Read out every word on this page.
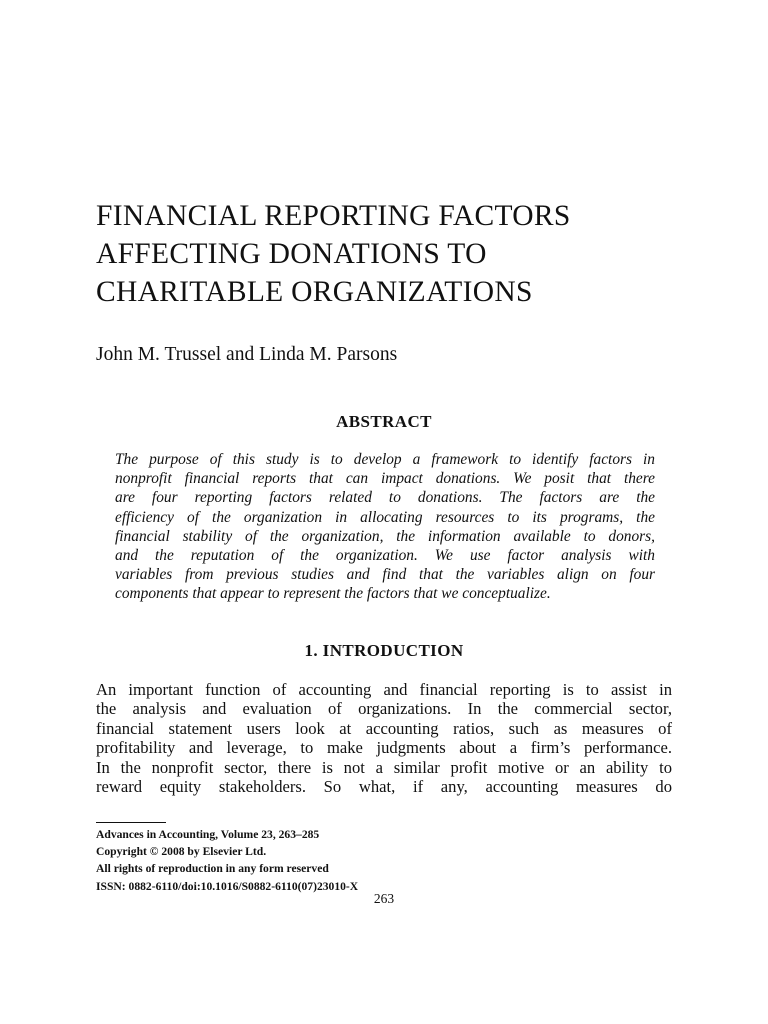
FINANCIAL REPORTING FACTORS
AFFECTING DONATIONS TO
CHARITABLE ORGANIZATIONS

John M. Trussel and Linda M. Parsons

ABSTRACT
The purpose of this study is to develop a framework to identify factors in
nonprofit financial reports that can impact donations. We posit that there
are four reporting factors related to donations. The factors are the
efficiency of the organization in allocating resources to its programs, the
financial stability of the organization, the information available to donors,
and the reputation of the organization. We use factor analysis with
variables from previous studies and find that the variables align on four
components that appear to represent the factors that we conceptualize.
1. INTRODUCTION
An important function of accounting and financial reporting is to assist in
the analysis and evaluation of organizations. In the commercial sector,
financial statement users look at accounting ratios, such as measures of
profitability and leverage, to make judgments about a firm’s performance.
In the nonprofit sector, there is not a similar profit motive or an ability to
reward equity stakeholders. So what, if any, accounting measures do
Advances in Accounting, Volume 23, 263–285
Copyright © 2008 by Elsevier Ltd.
All rights of reproduction in any form reserved
ISSN: 0882-6110/doi:10.1016/S0882-6110(07)23010-X

263
